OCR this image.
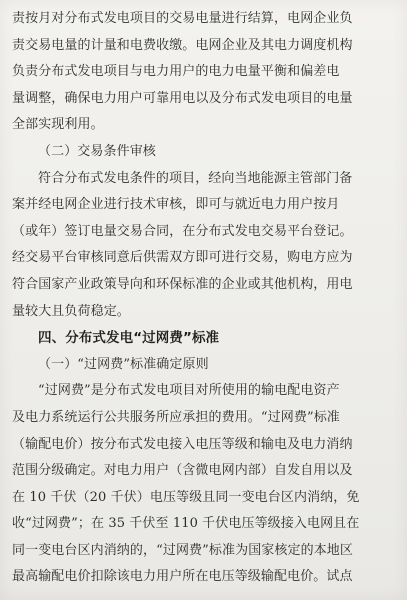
责按月对分布式发电项目的交易电量进行结算，电网企业负
责交易电量的计量和电费收缴。电网企业及其电力调度机构
负责分布式发电项目与电力用户的电力电量平衡和偏差电
量调整，确保电力用户可靠用电以及分布式发电项目的电量
全部实现利用。
（二）交易条件审核
符合分布式发电条件的项目，经向当地能源主管部门备
案并经电网企业进行技术审核，即可与就近电力用户按月
（或年）签订电量交易合同，在分布式发电交易平台登记。
经交易平台审核同意后供需双方即可进行交易，购电方应为
符合国家产业政策导向和环保标准的企业或其他机构，用电
量较大且负荷稳定。
四、分布式发电“过网费”标准
（一）“过网费”标准确定原则
“过网费”是分布式发电项目对所使用的输电配电资产
及电力系统运行公共服务所应承担的费用。“过网费”标准
（输配电价）按分布式发电接入电压等级和输电及电力消纳
范围分级确定。对电力用户（含微电网内部）自发自用以及
在 10 千伏（20 千伏）电压等级且同一变电台区内消纳，免
收“过网费”；在 35 千伏至 110 千伏电压等级接入电网且在
同一变电台区内消纳的，“过网费”标准为国家核定的本地区
最高输配电价扣除该电力用户所在电压等级输配电价。试点
